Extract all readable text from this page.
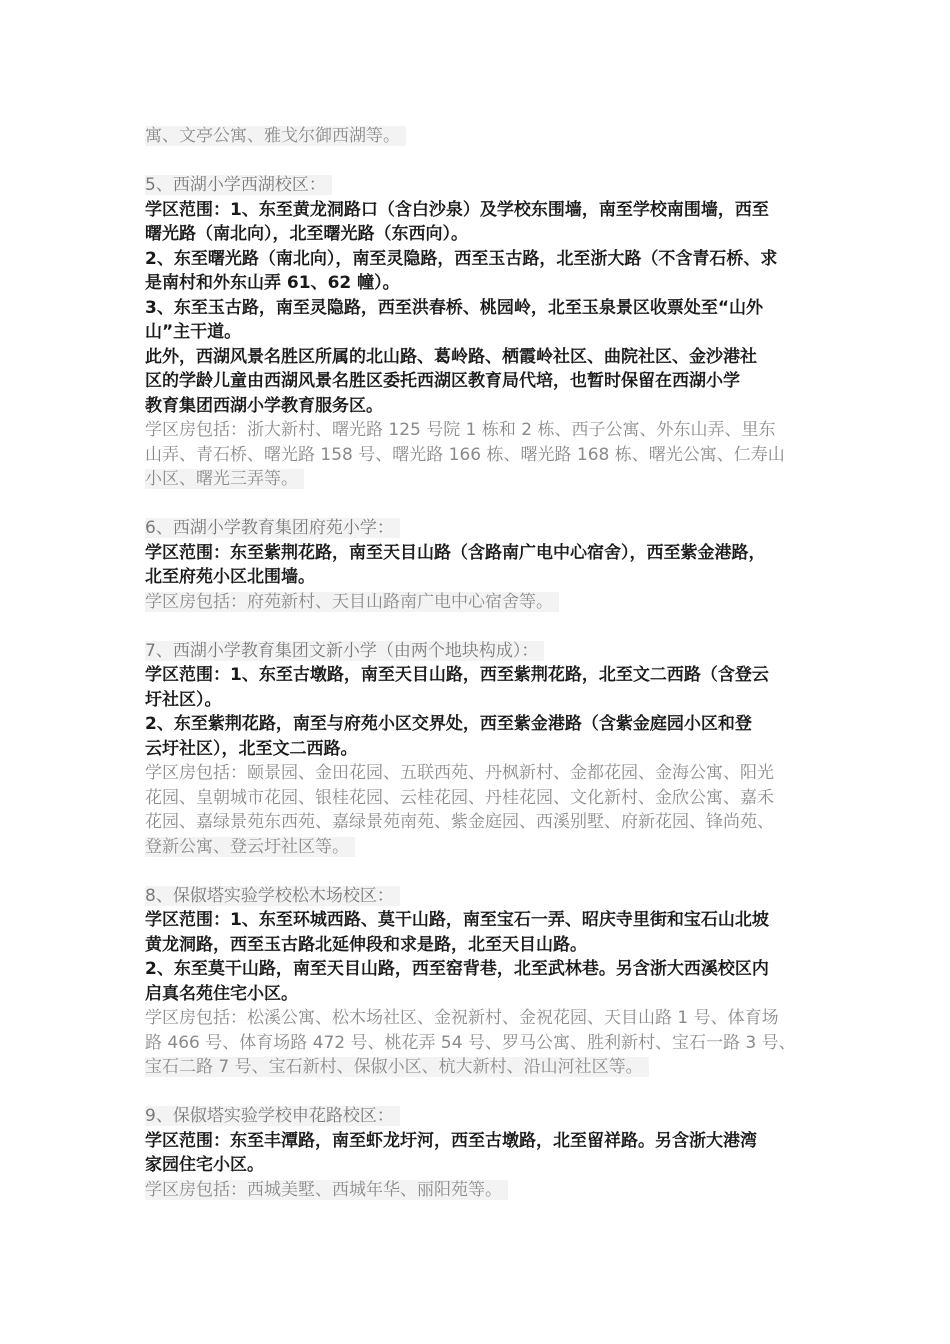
寓、文亭公寓、雅戈尔御西湖等。
5、西湖小学西湖校区：
学区范围：1、东至黄龙洞路口（含白沙泉）及学校东围墙，南至学校南围墙，西至
曙光路（南北向），北至曙光路（东西向）。
2、东至曙光路（南北向），南至灵隐路，西至玉古路，北至浙大路（不含青石桥、求
是南村和外东山弄 61、62 幢）。
3、东至玉古路，南至灵隐路，西至洪春桥、桃园岭，北至玉泉景区收票处至“山外
山”主干道。
此外，西湖风景名胜区所属的北山路、葛岭路、栖霞岭社区、曲院社区、金沙港社
区的学龄儿童由西湖风景名胜区委托西湖区教育局代培，也暂时保留在西湖小学
教育集团西湖小学教育服务区。
学区房包括：浙大新村、曙光路 125 号院 1 栋和 2 栋、西子公寓、外东山弄、里东
山弄、青石桥、曙光路 158 号、曙光路 166 栋、曙光路 168 栋、曙光公寓、仁寿山
小区、曙光三弄等。
6、西湖小学教育集团府苑小学：
学区范围：东至紫荆花路，南至天目山路（含路南广电中心宿舍），西至紫金港路，
北至府苑小区北围墙。
学区房包括：府苑新村、天目山路南广电中心宿舍等。
7、西湖小学教育集团文新小学（由两个地块构成）：
学区范围：1、东至古墩路，南至天目山路，西至紫荆花路，北至文二西路（含登云
圩社区）。
2、东至紫荆花路，南至与府苑小区交界处，西至紫金港路（含紫金庭园小区和登
云圩社区），北至文二西路。
学区房包括：颐景园、金田花园、五联西苑、丹枫新村、金都花园、金海公寓、阳光
花园、皇朝城市花园、银桂花园、云桂花园、丹桂花园、文化新村、金欣公寓、嘉禾
花园、嘉绿景苑东西苑、嘉绿景苑南苑、紫金庭园、西溪别墅、府新花园、锋尚苑、
登新公寓、登云圩社区等。
8、保俶塔实验学校松木场校区：
学区范围：1、东至环城西路、莫干山路，南至宝石一弄、昭庆寺里街和宝石山北坡
黄龙洞路，西至玉古路北延伸段和求是路，北至天目山路。
2、东至莫干山路，南至天目山路，西至窑背巷，北至武林巷。另含浙大西溪校区内
启真名苑住宅小区。
学区房包括：松溪公寓、松木场社区、金祝新村、金祝花园、天目山路 1 号、体育场
路 466 号、体育场路 472 号、桃花弄 54 号、罗马公寓、胜利新村、宝石一路 3 号、
宝石二路 7 号、宝石新村、保俶小区、杭大新村、沿山河社区等。
9、保俶塔实验学校申花路校区：
学区范围：东至丰潭路，南至虾龙圩河，西至古墩路，北至留祥路。另含浙大港湾
家园住宅小区。
学区房包括：西城美墅、西城年华、丽阳苑等。
